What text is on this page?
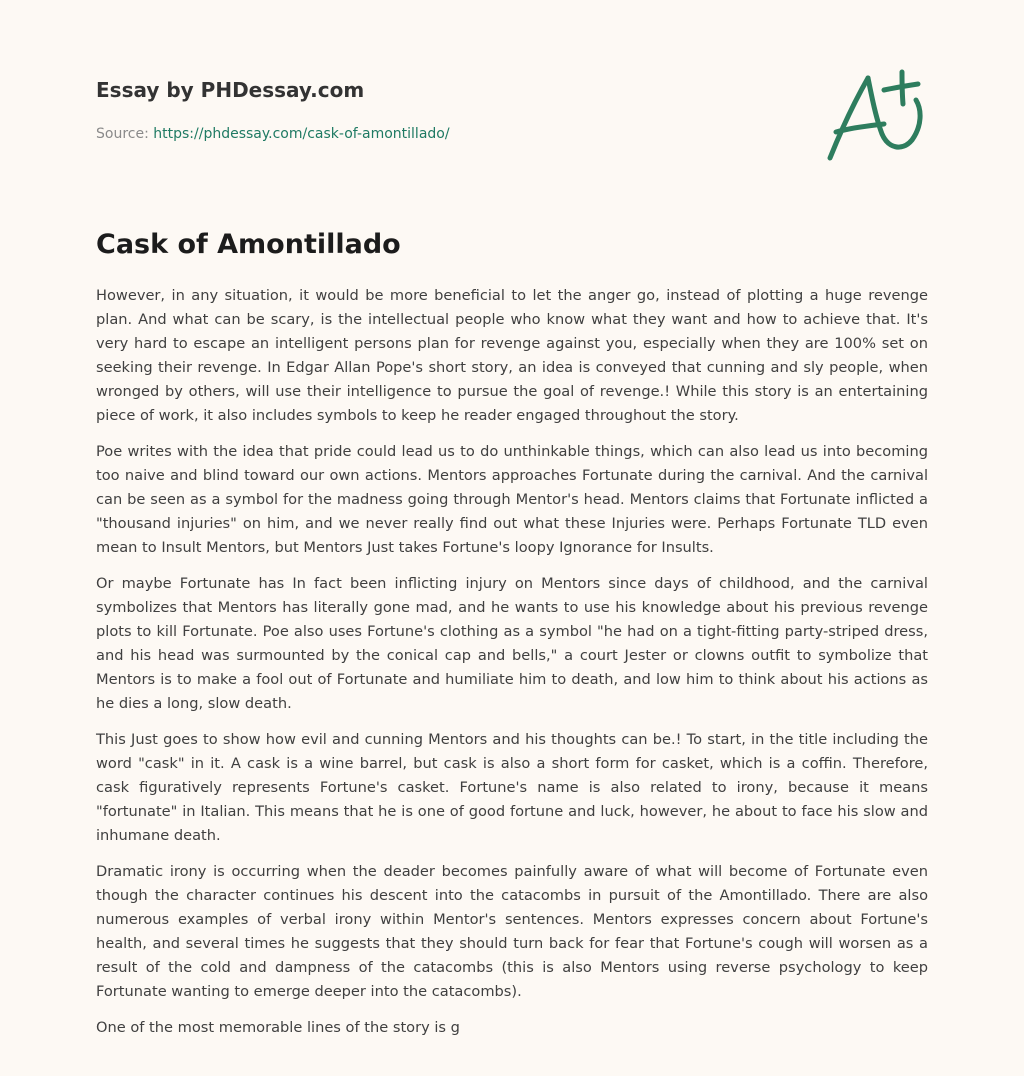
Essay by PHDessay.com
Source: https://phdessay.com/cask-of-amontillado/
Cask of Amontillado

However, in any situation, it would be more beneficial to let the anger go, instead of plotting a huge revenge plan. And what can be scary, is the intellectual people who know what they want and how to achieve that. It's very hard to escape an intelligent persons plan for revenge against you, especially when they are 100% set on seeking their revenge. In Edgar Allan Pope's short story, an idea is conveyed that cunning and sly people, when wronged by others, will use their intelligence to pursue the goal of revenge.! While this story is an entertaining piece of work, it also includes symbols to keep he reader engaged throughout the story.

Poe writes with the idea that pride could lead us to do unthinkable things, which can also lead us into becoming too naive and blind toward our own actions. Mentors approaches Fortunate during the carnival. And the carnival can be seen as a symbol for the madness going through Mentor's head. Mentors claims that Fortunate inflicted a "thousand injuries" on him, and we never really find out what these Injuries were. Perhaps Fortunate TLD even mean to Insult Mentors, but Mentors Just takes Fortune's loopy Ignorance for Insults.

Or maybe Fortunate has In fact been inflicting injury on Mentors since days of childhood, and the carnival symbolizes that Mentors has literally gone mad, and he wants to use his knowledge about his previous revenge plots to kill Fortunate. Poe also uses Fortune's clothing as a symbol "he had on a tight-fitting party-striped dress, and his head was surmounted by the conical cap and bells," a court Jester or clowns outfit to symbolize that Mentors is to make a fool out of Fortunate and humiliate him to death, and low him to think about his actions as he dies a long, slow death.

This Just goes to show how evil and cunning Mentors and his thoughts can be.! To start, in the title including the word "cask" in it. A cask is a wine barrel, but cask is also a short form for casket, which is a coffin. Therefore, cask figuratively represents Fortune's casket. Fortune's name is also related to irony, because it means "fortunate" in Italian. This means that he is one of good fortune and luck, however, he about to face his slow and inhumane death.

Dramatic irony is occurring when the deader becomes painfully aware of what will become of Fortunate even though the character continues his descent into the catacombs in pursuit of the Amontillado. There are also numerous examples of verbal irony within Mentor's sentences. Mentors expresses concern about Fortune's health, and several times he suggests that they should turn back for fear that Fortune's cough will worsen as a result of the cold and dampness of the catacombs (this is also Mentors using reverse psychology to keep Fortunate wanting to emerge deeper into the catacombs).

One of the most memorable lines of the story is g
